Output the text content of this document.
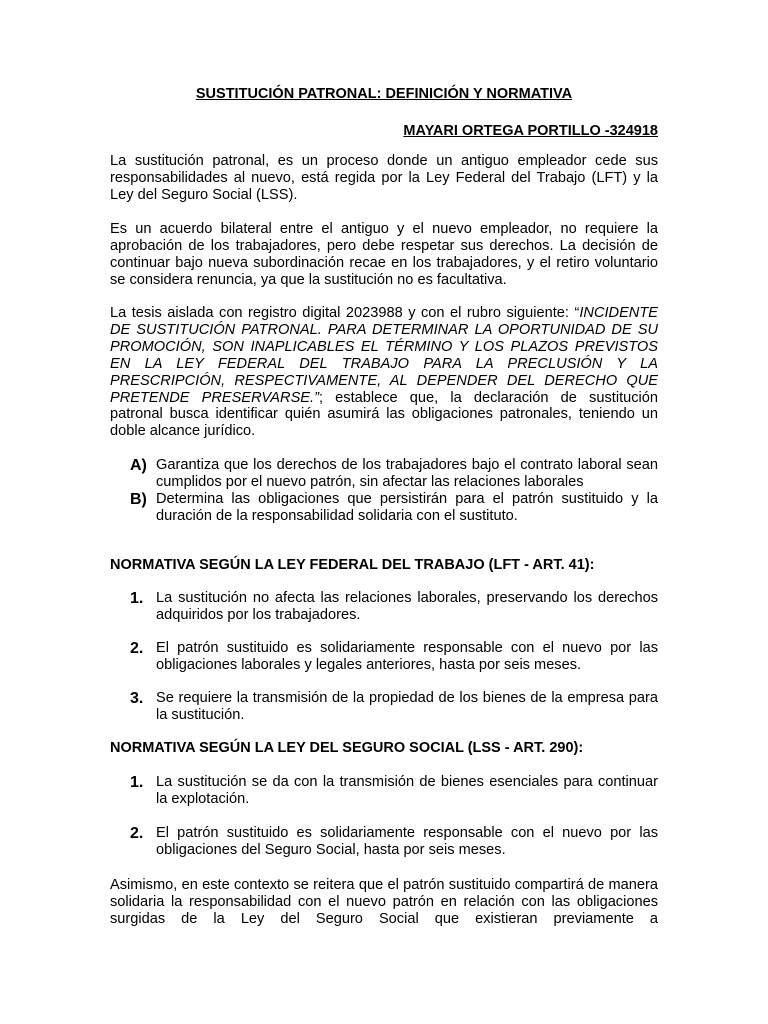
SUSTITUCIÓN PATRONAL: DEFINICIÓN Y NORMATIVA
MAYARI ORTEGA PORTILLO -324918

La sustitución patronal, es un proceso donde un antiguo empleador cede sus responsabilidades al nuevo, está regida por la Ley Federal del Trabajo (LFT) y la Ley del Seguro Social (LSS).

Es un acuerdo bilateral entre el antiguo y el nuevo empleador, no requiere la aprobación de los trabajadores, pero debe respetar sus derechos. La decisión de continuar bajo nueva subordinación recae en los trabajadores, y el retiro voluntario se considera renuncia, ya que la sustitución no es facultativa.

La tesis aislada con registro digital 2023988 y con el rubro siguiente: “INCIDENTE DE SUSTITUCIÓN PATRONAL. PARA DETERMINAR LA OPORTUNIDAD DE SU PROMOCIÓN, SON INAPLICABLES EL TÉRMINO Y LOS PLAZOS PREVISTOS EN LA LEY FEDERAL DEL TRABAJO PARA LA PRECLUSIÓN Y LA PRESCRIPCIÓN, RESPECTIVAMENTE, AL DEPENDER DEL DERECHO QUE PRETENDE PRESERVARSE.”; establece que, la declaración de sustitución patronal busca identificar quién asumirá las obligaciones patronales, teniendo un doble alcance jurídico.

A) Garantiza que los derechos de los trabajadores bajo el contrato laboral sean cumplidos por el nuevo patrón, sin afectar las relaciones laborales

B) Determina las obligaciones que persistirán para el patrón sustituido y la duración de la responsabilidad solidaria con el sustituto.

NORMATIVA SEGÚN LA LEY FEDERAL DEL TRABAJO (LFT - ART. 41):
1. La sustitución no afecta las relaciones laborales, preservando los derechos adquiridos por los trabajadores.

2. El patrón sustituido es solidariamente responsable con el nuevo por las obligaciones laborales y legales anteriores, hasta por seis meses.

3. Se requiere la transmisión de la propiedad de los bienes de la empresa para la sustitución.

NORMATIVA SEGÚN LA LEY DEL SEGURO SOCIAL (LSS - ART. 290):
1. La sustitución se da con la transmisión de bienes esenciales para continuar la explotación.

2. El patrón sustituido es solidariamente responsable con el nuevo por las obligaciones del Seguro Social, hasta por seis meses.

Asimismo, en este contexto se reitera que el patrón sustituido compartirá de manera solidaria la responsabilidad con el nuevo patrón en relación con las obligaciones surgidas de la Ley del Seguro Social que existieran previamente a
